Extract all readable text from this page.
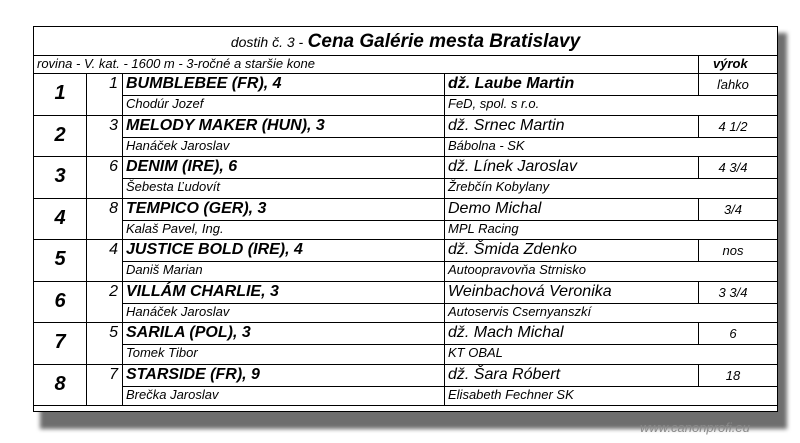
dostih č. 3 - Cena Galérie mesta Bratislavy
rovina - V. kat. - 1600 m - 3-ročné a staršie kone	výrok
1	1 BUMBLEBEE (FR), 4	dž. Laube Martin	ľahko
Chodúr Jozef	FeD, spol. s r.o.
2	3 MELODY MAKER (HUN), 3	dž. Srnec Martin	4 1/2
Hanáček Jaroslav	Bábolna - SK
3	6 DENIM (IRE), 6	dž. Línek Jaroslav	4 3/4
Šebesta Ľudovít	Žrebčín Kobylany
4	8 TEMPICO (GER), 3	Demo Michal	3/4
Kalaš Pavel, Ing.	MPL Racing
5	4 JUSTICE BOLD (IRE), 4	dž. Šmida Zdenko	nos
Daniš Marian	Autoopravovňa Strnisko
6	2 VILLÁM CHARLIE, 3	Weinbachová Veronika	3 3/4
Hanáček Jaroslav	Autoservis Csernyanszkí
7	5 SARILA (POL), 3	dž. Mach Michal	6
Tomek Tibor	KT OBAL
8	7 STARSIDE (FR), 9	dž. Šara Róbert	18
Brečka Jaroslav	Elisabeth Fechner SK
www.canonprofi.eu
